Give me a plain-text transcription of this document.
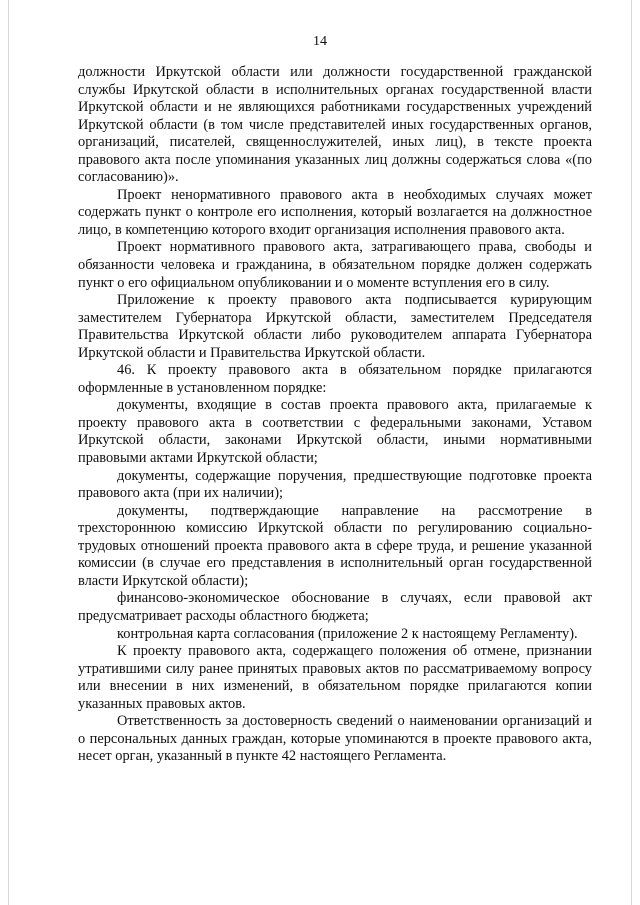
14

должности Иркутской области или должности государственной гражданской службы Иркутской области в исполнительных органах государственной власти Иркутской области и не являющихся работниками государственных учреждений Иркутской области (в том числе представителей иных государственных органов, организаций, писателей, священнослужителей, иных лиц), в тексте проекта правового акта после упоминания указанных лиц должны содержаться слова «(по согласованию)».

Проект ненормативного правового акта в необходимых случаях может содержать пункт о контроле его исполнения, который возлагается на должностное лицо, в компетенцию которого входит организация исполнения правового акта.

Проект нормативного правового акта, затрагивающего права, свободы и обязанности человека и гражданина, в обязательном порядке должен содержать пункт о его официальном опубликовании и о моменте вступления его в силу.

Приложение к проекту правового акта подписывается курирующим заместителем Губернатора Иркутской области, заместителем Председателя Правительства Иркутской области либо руководителем аппарата Губернатора Иркутской области и Правительства Иркутской области.

46. К проекту правового акта в обязательном порядке прилагаются оформленные в установленном порядке:

документы, входящие в состав проекта правового акта, прилагаемые к проекту правового акта в соответствии с федеральными законами, Уставом Иркутской области, законами Иркутской области, иными нормативными правовыми актами Иркутской области;

документы, содержащие поручения, предшествующие подготовке проекта правового акта (при их наличии);

документы, подтверждающие направление на рассмотрение в трехстороннюю комиссию Иркутской области по регулированию социально-трудовых отношений проекта правового акта в сфере труда, и решение указанной комиссии (в случае его представления в исполнительный орган государственной власти Иркутской области);

финансово-экономическое обоснование в случаях, если правовой акт предусматривает расходы областного бюджета;

контрольная карта согласования (приложение 2 к настоящему Регламенту).

К проекту правового акта, содержащего положения об отмене, признании утратившими силу ранее принятых правовых актов по рассматриваемому вопросу или внесении в них изменений, в обязательном порядке прилагаются копии указанных правовых актов.

Ответственность за достоверность сведений о наименовании организаций и о персональных данных граждан, которые упоминаются в проекте правового акта, несет орган, указанный в пункте 42 настоящего Регламента.
